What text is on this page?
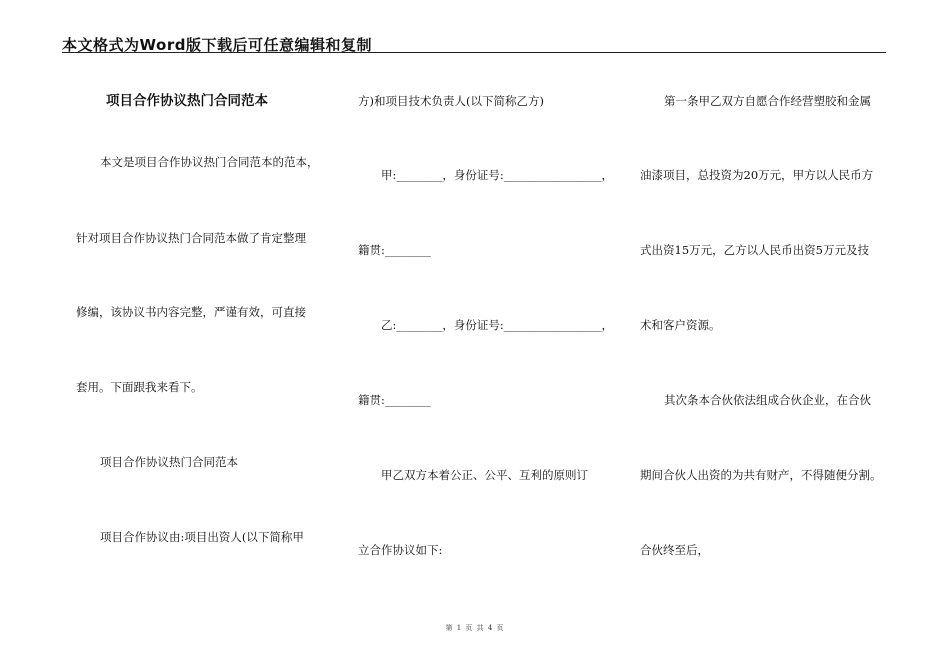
本文格式为Word版下载后可任意编辑和复制
项目合作协议热门合同范本
本文是项目合作协议热门合同范本的范本，
针对项目合作协议热门合同范本做了肯定整理
修编，该协议书内容完整，严谨有效，可直接
套用。下面跟我来看下。
项目合作协议热门合同范本
项目合作协议由:项目出资人(以下简称甲
方)和项目技术负责人(以下简称乙方)
甲:________，身份证号:_________________，
籍贯:________
乙:________，身份证号:_________________，
籍贯:________
甲乙双方本着公正、公平、互利的原则订
立合作协议如下:
第一条甲乙双方自愿合作经营塑胶和金属
油漆项目，总投资为20万元，甲方以人民币方
式出资15万元，乙方以人民币出资5万元及技
术和客户资源。
其次条本合伙依法组成合伙企业，在合伙
期间合伙人出资的为共有财产，不得随便分割。
合伙终至后，
第 1 页 共 4 页
